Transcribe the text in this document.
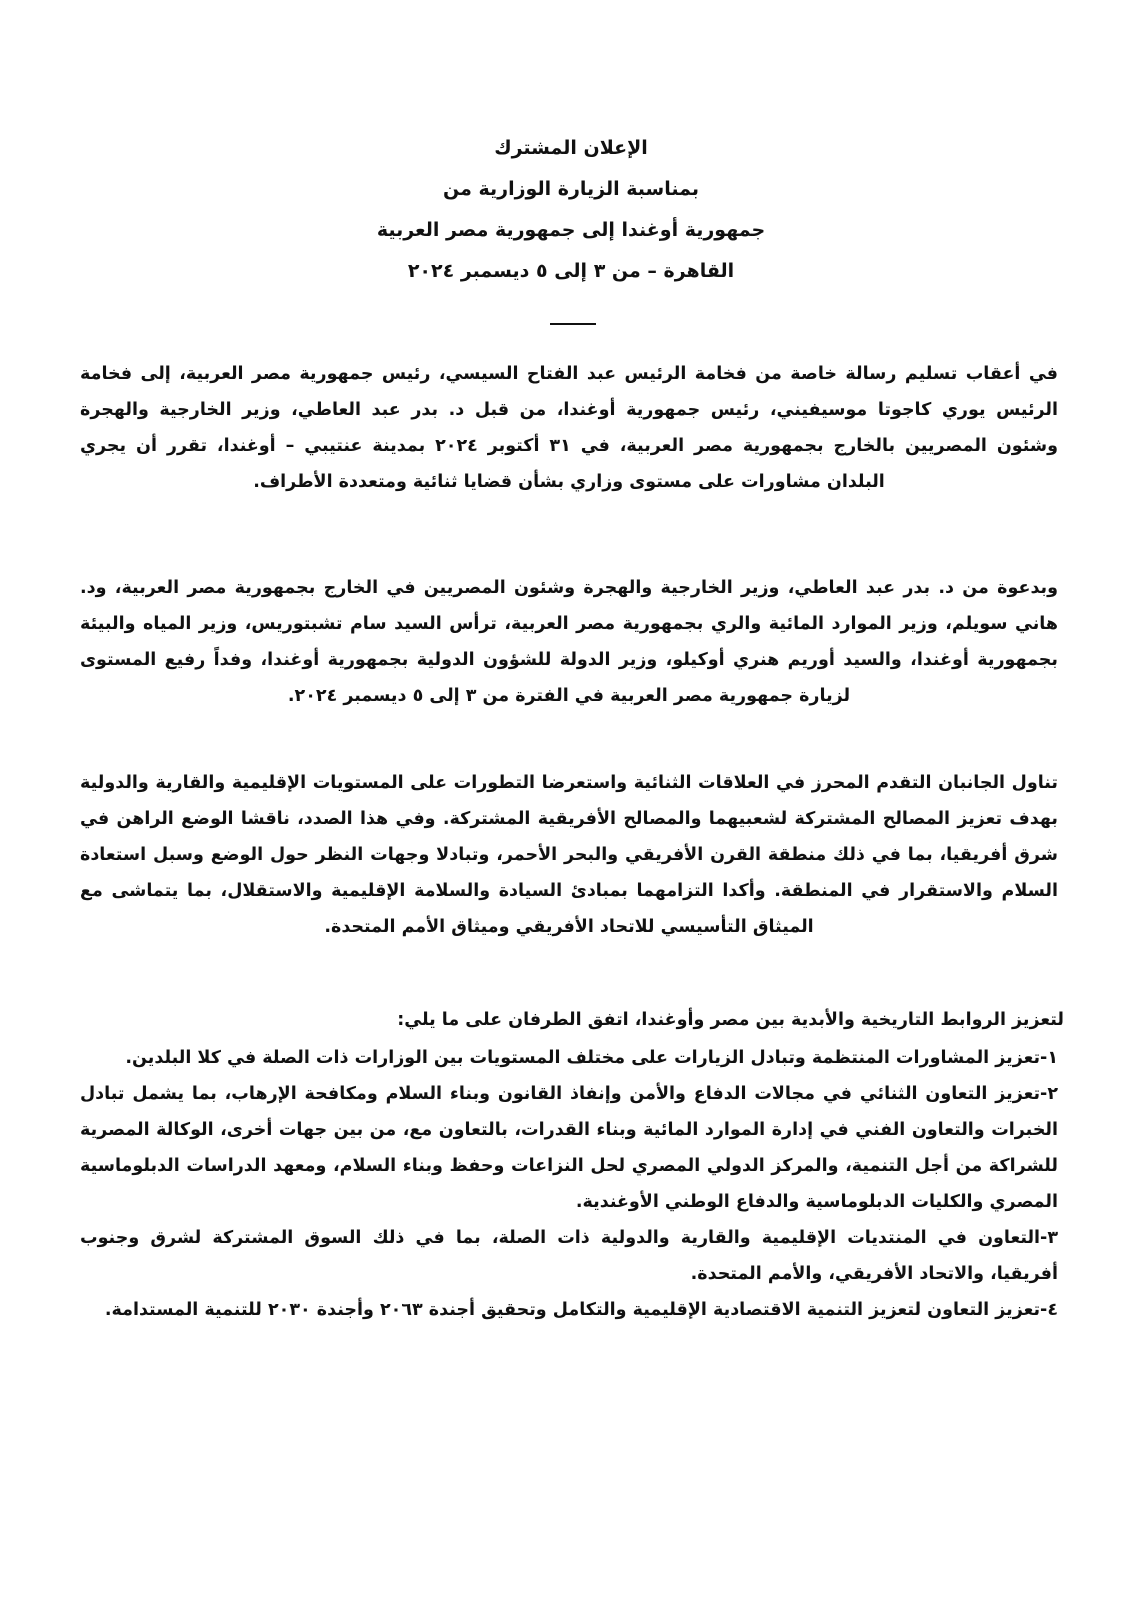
الإعلان المشترك
بمناسبة الزيارة الوزارية من
جمهورية أوغندا إلى جمهورية مصر العربية
القاهرة – من ٣ إلى ٥ ديسمبر ٢٠٢٤

في أعقاب تسليم رسالة خاصة من فخامة الرئيس عبد الفتاح السيسي، رئيس جمهورية مصر العربية، إلى فخامة الرئيس يوري كاجوتا موسيفيني، رئيس جمهورية أوغندا، من قبل د. بدر عبد العاطي، وزير الخارجية والهجرة وشئون المصريين بالخارج بجمهورية مصر العربية، في ٣١ أكتوبر ٢٠٢٤ بمدينة عنتيبي – أوغندا، تقرر أن يجري البلدان مشاورات على مستوى وزاري بشأن قضايا ثنائية ومتعددة الأطراف.

وبدعوة من د. بدر عبد العاطي، وزير الخارجية والهجرة وشئون المصريين في الخارج بجمهورية مصر العربية، ود. هاني سويلم، وزير الموارد المائية والري بجمهورية مصر العربية، ترأس السيد سام تشبتوريس، وزير المياه والبيئة بجمهورية أوغندا، والسيد أوريم هنري أوكيلو، وزير الدولة للشؤون الدولية بجمهورية أوغندا، وفداً رفيع المستوى لزيارة جمهورية مصر العربية في الفترة من ٣ إلى ٥ ديسمبر ٢٠٢٤.

تناول الجانبان التقدم المحرز في العلاقات الثنائية واستعرضا التطورات على المستويات الإقليمية والقارية والدولية بهدف تعزيز المصالح المشتركة لشعبيهما والمصالح الأفريقية المشتركة. وفي هذا الصدد، ناقشا الوضع الراهن في شرق أفريقيا، بما في ذلك منطقة القرن الأفريقي والبحر الأحمر، وتبادلا وجهات النظر حول الوضع وسبل استعادة السلام والاستقرار في المنطقة. وأكدا التزامهما بمبادئ السيادة والسلامة الإقليمية والاستقلال، بما يتماشى مع الميثاق التأسيسي للاتحاد الأفريقي وميثاق الأمم المتحدة.

لتعزيز الروابط التاريخية والأبدية بين مصر وأوغندا، اتفق الطرفان على ما يلي:
١-تعزيز المشاورات المنتظمة وتبادل الزيارات على مختلف المستويات بين الوزارات ذات الصلة في كلا البلدين.
٢-تعزيز التعاون الثنائي في مجالات الدفاع والأمن وإنفاذ القانون وبناء السلام ومكافحة الإرهاب، بما يشمل تبادل الخبرات والتعاون الفني في إدارة الموارد المائية وبناء القدرات، بالتعاون مع، من بين جهات أخرى، الوكالة المصرية للشراكة من أجل التنمية، والمركز الدولي المصري لحل النزاعات وحفظ وبناء السلام، ومعهد الدراسات الدبلوماسية المصري والكليات الدبلوماسية والدفاع الوطني الأوغندية.
٣-التعاون في المنتديات الإقليمية والقارية والدولية ذات الصلة، بما في ذلك السوق المشتركة لشرق وجنوب أفريقيا، والاتحاد الأفريقي، والأمم المتحدة.
٤-تعزيز التعاون لتعزيز التنمية الاقتصادية الإقليمية والتكامل وتحقيق أجندة ٢٠٦٣ وأجندة ٢٠٣٠ للتنمية المستدامة.
